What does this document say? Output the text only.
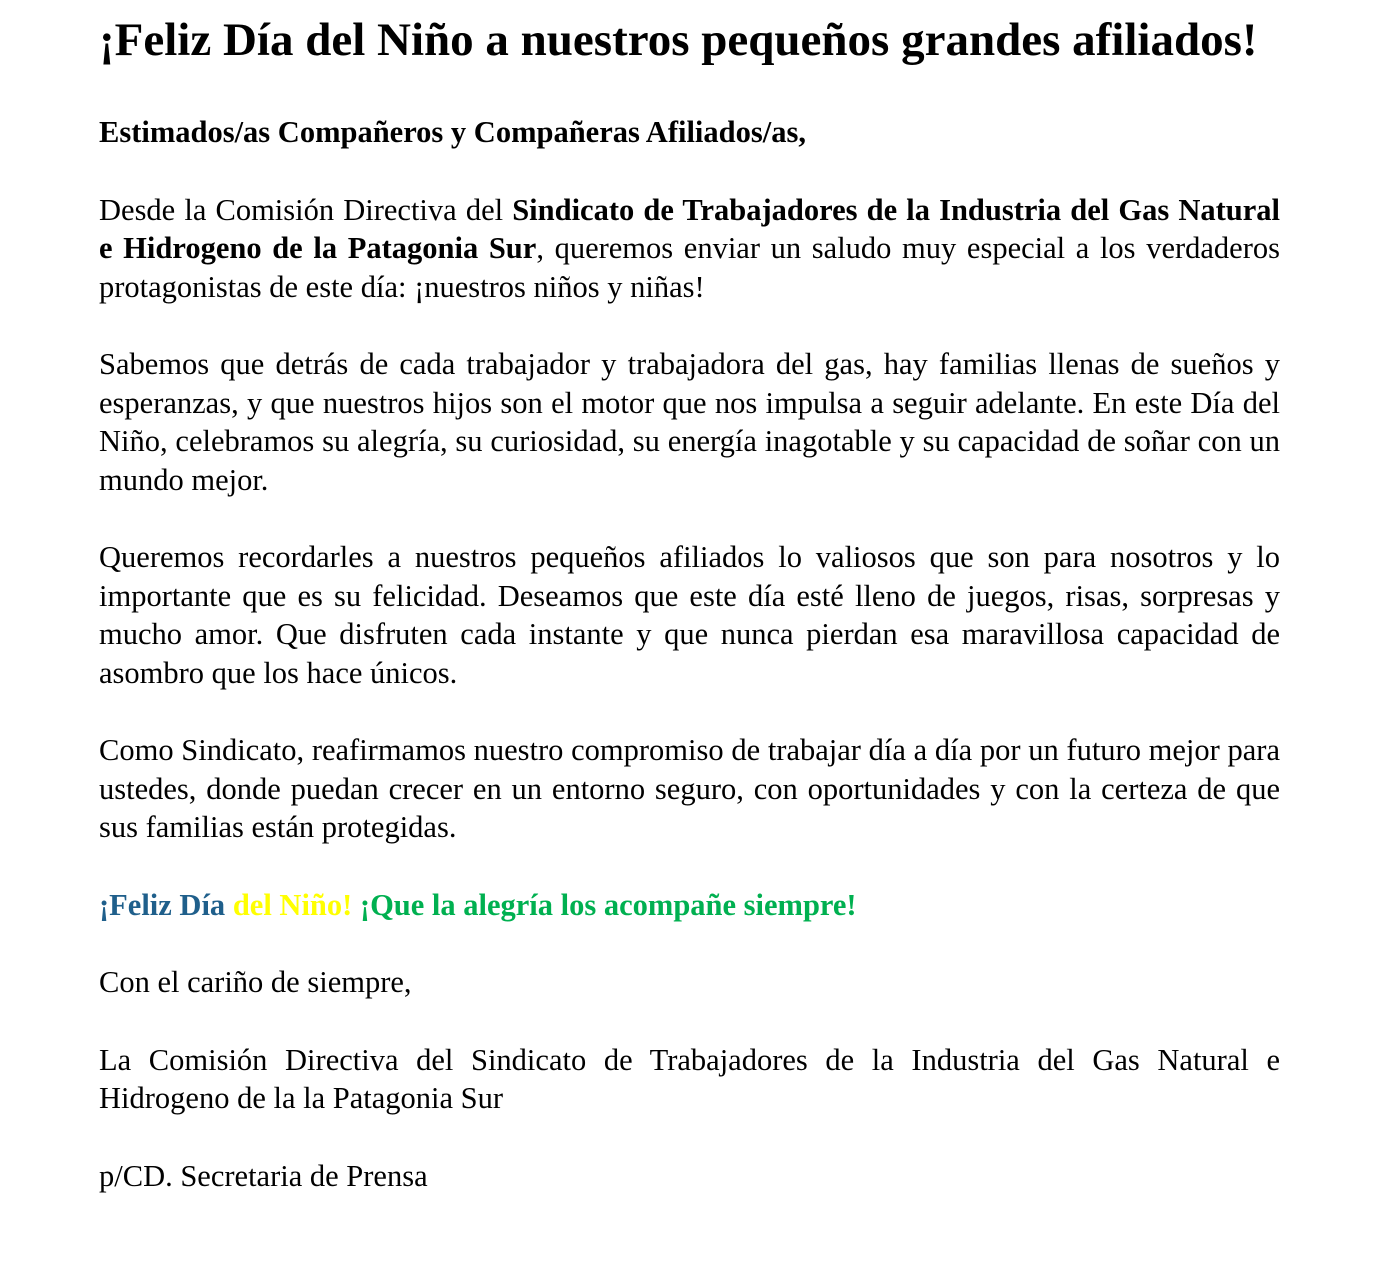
¡Feliz Día del Niño a nuestros pequeños grandes afiliados!

Estimados/as Compañeros y Compañeras Afiliados/as,

Desde la Comisión Directiva del Sindicato de Trabajadores de la Industria del Gas Natural e Hidrogeno de la Patagonia Sur, queremos enviar un saludo muy especial a los verdaderos protagonistas de este día: ¡nuestros niños y niñas!

Sabemos que detrás de cada trabajador y trabajadora del gas, hay familias llenas de sueños y esperanzas, y que nuestros hijos son el motor que nos impulsa a seguir adelante. En este Día del Niño, celebramos su alegría, su curiosidad, su energía inagotable y su capacidad de soñar con un mundo mejor.

Queremos recordarles a nuestros pequeños afiliados lo valiosos que son para nosotros y lo importante que es su felicidad. Deseamos que este día esté lleno de juegos, risas, sorpresas y mucho amor. Que disfruten cada instante y que nunca pierdan esa maravillosa capacidad de asombro que los hace únicos.

Como Sindicato, reafirmamos nuestro compromiso de trabajar día a día por un futuro mejor para ustedes, donde puedan crecer en un entorno seguro, con oportunidades y con la certeza de que sus familias están protegidas.

¡Feliz Día del Niño! ¡Que la alegría los acompañe siempre!

Con el cariño de siempre,

La Comisión Directiva del Sindicato de Trabajadores de la Industria del Gas Natural e Hidrogeno de la la Patagonia Sur

p/CD. Secretaria de Prensa
